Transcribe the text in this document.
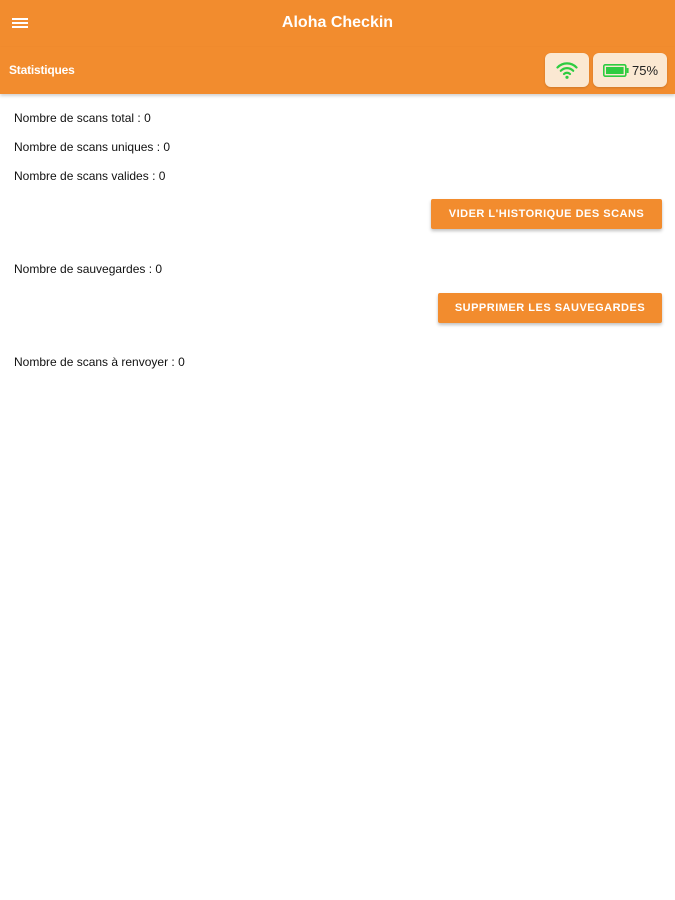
Aloha Checkin
Statistiques	75%
Nombre de scans total : 0
Nombre de scans uniques : 0
Nombre de scans valides : 0
VIDER L'HISTORIQUE DES SCANS
Nombre de sauvegardes : 0
SUPPRIMER LES SAUVEGARDES
Nombre de scans à renvoyer : 0
